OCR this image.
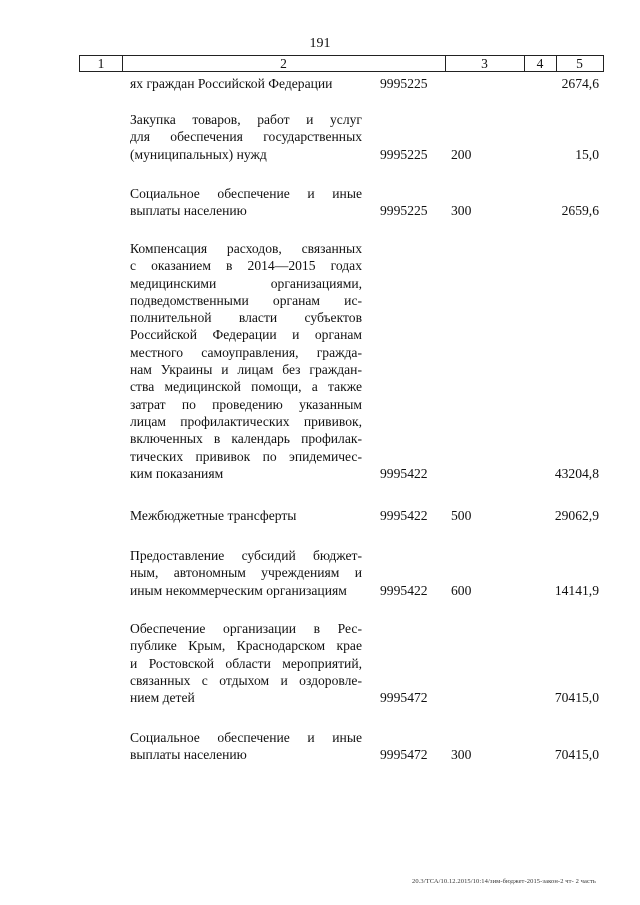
191
1	2	3	4	5
ях граждан Российской Федерации	9995225	2674,6
Закупка товаров, работ и услуг
для обеспечения государственных
(муниципальных) нужд	9995225 200	15,0
Социальное обеспечение и иные
выплаты населению	9995225 300	2659,6
Компенсация расходов, связанных
с оказанием в 2014—2015 годах
медицинскими организациями,
подведомственными органам ис-
полнительной власти субъектов
Российской Федерации и органам
местного самоуправления, гражда-
нам Украины и лицам без граждан-
ства медицинской помощи, а также
затрат по проведению указанным
лицам профилактических прививок,
включенных в календарь профилак-
тических прививок по эпидемичес-
ким показаниям	9995422	43204,8
Межбюджетные трансферты	9995422 500	29062,9
Предоставление субсидий бюджет-
ным, автономным учреждениям и
иным некоммерческим организациям	9995422 600	14141,9
Обеспечение организации в Рес-
публике Крым, Краснодарском крае
и Ростовской области мероприятий,
связанных с отдыхом и оздоровле-
нием детей	9995472	70415,0
Социальное обеспечение и иные
выплаты населению	9995472 300	70415,0
20.3/ТСА/10.12.2015/10:14/зим-бюджет-2015-закон-2 чт- 2 часть
